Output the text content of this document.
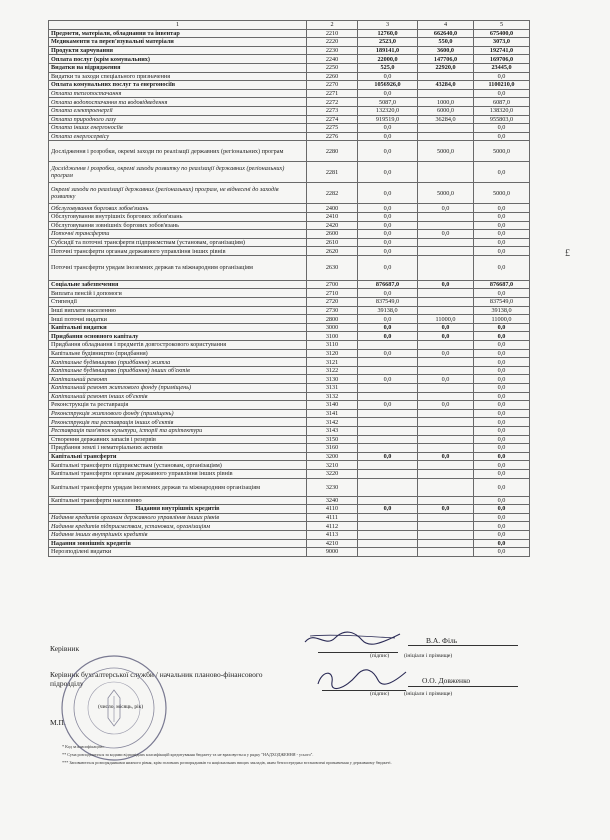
1	2	3	4	5
Предмети, матеріали, обладнання та інвентар	2210	12760,0	662640,0	675400,0
Медикаменти та перев'язувальні матеріали	2220	2523,0	550,0	3073,0
Продукти харчування	2230	189141,0	3600,0	192741,0
Оплата послуг (крім комунальних)	2240	22000,0	147706,0	169706,0
Видатки на відрядження	2250	525,0	22920,0	23445,0
Видатки та заходи спеціального призначення	2260	0,0		0,0
Оплата комунальних послуг та енергоносіїв	2270	1056926,0	43284,0	1100210,0
Оплата теплопостачання	2271	0,0		0,0
Оплата водопостачання та водовідведення	2272	5087,0	1000,0	6087,0
Оплата електроенергії	2273	132320,0	6000,0	138320,0
Оплата природного газу	2274	919519,0	36284,0	955803,0
Оплата інших енергоносіїв	2275	0,0		0,0
Оплата енергосервісу	2276	0,0		0,0
Дослідження і розробки, окремі заходи по реалізації державних (регіональних) програм	2280	0,0	5000,0	5000,0
Дослідження і розробки, окремі заходи розвитку по реалізації державних (регіональних) програм	2281	0,0		0,0
Окремі заходи по реалізації державних (регіональних) програм, не віднесені до заходів розвитку	2282	0,0	5000,0	5000,0
Обслуговування боргових зобов'язань	2400	0,0	0,0	0,0
Обслуговування внутрішніх боргових зобов'язань	2410	0,0		0,0
Обслуговування зовнішніх боргових зобов'язань	2420	0,0		0,0
Поточні трансферти	2600	0,0	0,0	0,0
Субсидії та поточні трансферти підприємствам (установам, організаціям)	2610	0,0		0,0
Поточні трансферти органам державного управління інших рівнів	2620	0,0		0,0
Поточні трансферти урядам іноземних держав та міжнародним організаціям	2630	0,0		0,0
Соціальне забезпечення	2700	876687,0	0,0	876687,0
Виплата пенсій і допомоги	2710	0,0		0,0
Стипендії	2720	837549,0		837549,0
Інші виплати населенню	2730	39138,0		39138,0
Інші поточні видатки	2800	0,0	11000,0	11000,0
Капітальні видатки	3000	0,0	0,0	0,0
Придбання основного капіталу	3100	0,0	0,0	0,0
Придбання обладнання і предметів довгострокового користування	3110			0,0
Капітальне будівництво (придбання)	3120	0,0	0,0	0,0
Капітальне будівництво (придбання) житла	3121			0,0
Капітальне будівництво (придбання) інших об'єктів	3122			0,0
Капітальний ремонт	3130	0,0	0,0	0,0
Капітальний ремонт житлового фонду (приміщень)	3131			0,0
Капітальний ремонт інших об'єктів	3132			0,0
Реконструкція та реставрація	3140	0,0	0,0	0,0
Реконструкція житлового фонду (приміщень)	3141			0,0
Реконструкція та реставрація інших об'єктів	3142			0,0
Реставрація пам'яток культури, історії та архітектури	3143			0,0
Створення державних запасів і резервів	3150			0,0
Придбання землі і нематеріальних активів	3160			0,0
Капітальні трансферти	3200	0,0	0,0	0,0
Капітальні трансферти підприємствам (установам, організаціям)	3210			0,0
Капітальні трансферти органам державного управління інших рівнів	3220			0,0
Капітальні трансферти урядам іноземних держав та міжнародним організаціям	3230			0,0
Капітальні трансферти населенню	3240			0,0
Надання внутрішніх кредитів	4110	0,0	0,0	0,0
Надання кредитів органам державного управління інших рівнів	4111			0,0
Надання кредитів підприємствам, установам, організаціям	4112			0,0
Надання інших внутрішніх кредитів	4113			0,0
Надання зовнішніх кредитів	4210			0,0
Нерозподілені видатки	9000			0,0
£
Керівник
В.А. Філь
(підпис)	(ініціали і прізвище)
Керівник бухгалтерської служби / начальник планово-фінансового підрозділу	О.О. Довженко
(підпис)	(ініціали і прізвище)
(число, місяць, рік)
М.П.
* Код за класифікацією.
** Сума розподіляється за кодами відповідних класифікацій кредитування бюджету та не враховується у рядку "НАДХОДЖЕННЯ - усього".
*** Заповнюється розпорядниками нижчого рівня, крім головних розпорядників та національних вищих закладів, яким безпосередньо встановлені призначення у державному бюджеті.
